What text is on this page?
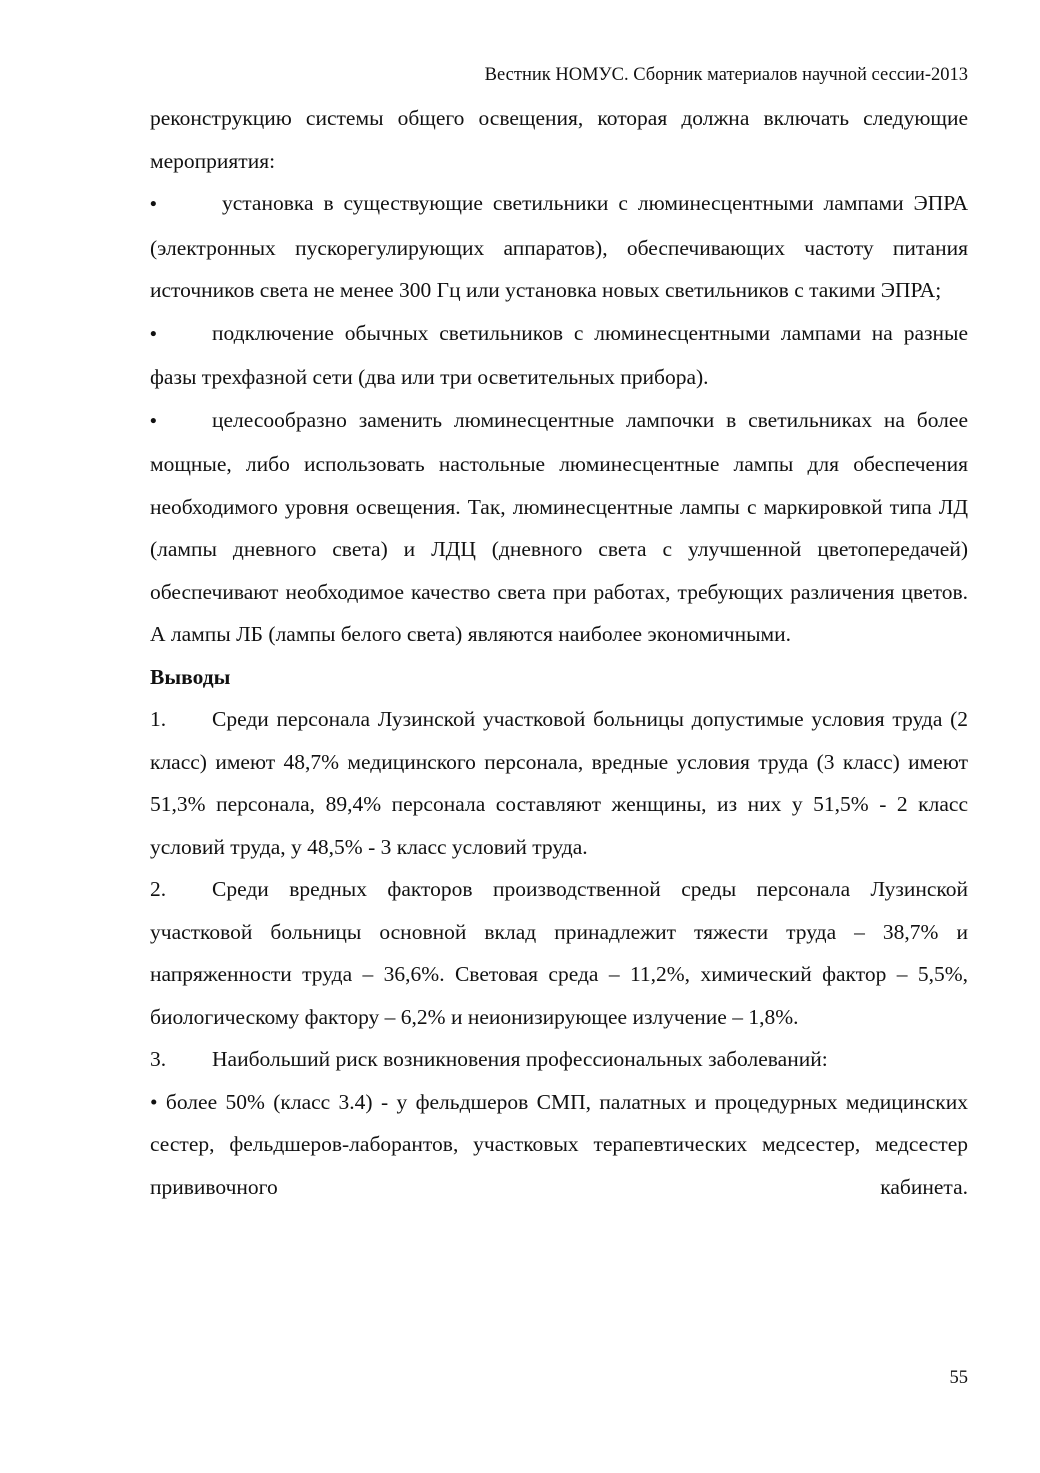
Вестник НОМУС. Сборник материалов научной сессии-2013

реконструкцию системы общего освещения, которая должна включать следующие мероприятия:

•	установка в существующие светильники с люминесцентными лампами ЭПРА (электронных пускорегулирующих аппаратов), обеспечивающих частоту питания источников света не менее 300 Гц или установка новых светильников с такими ЭПРА;

•	подключение обычных светильников с люминесцентными лампами на разные фазы трехфазной сети (два или три осветительных прибора).

•	целесообразно заменить люминесцентные лампочки в светильниках на более мощные, либо использовать настольные люминесцентные лампы для обеспечения необходимого уровня освещения. Так, люминесцентные лампы с маркировкой типа ЛД (лампы дневного света) и ЛДЦ (дневного света с улучшенной цветопередачей) обеспечивают необходимое качество света при работах, требующих различения цветов. А лампы ЛБ (лампы белого света) являются наиболее экономичными.

Выводы

1. Среди персонала Лузинской участковой больницы допустимые условия труда (2 класс) имеют 48,7% медицинского персонала, вредные условия труда (3 класс) имеют 51,3% персонала, 89,4% персонала составляют женщины, из них у 51,5% - 2 класс условий труда, у 48,5% - 3 класс условий труда.

2. Среди вредных факторов производственной среды персонала Лузинской участковой больницы основной вклад принадлежит тяжести труда – 38,7% и напряженности труда – 36,6%. Световая среда – 11,2%, химический фактор – 5,5%, биологическому фактору – 6,2% и неионизирующее излучение – 1,8%.

3. Наибольший риск возникновения профессиональных заболеваний:

• более 50% (класс 3.4) - у фельдшеров СМП, палатных и процедурных медицинских сестер, фельдшеров-лаборантов, участковых терапевтических медсестер, медсестер прививочного кабинета.

55
